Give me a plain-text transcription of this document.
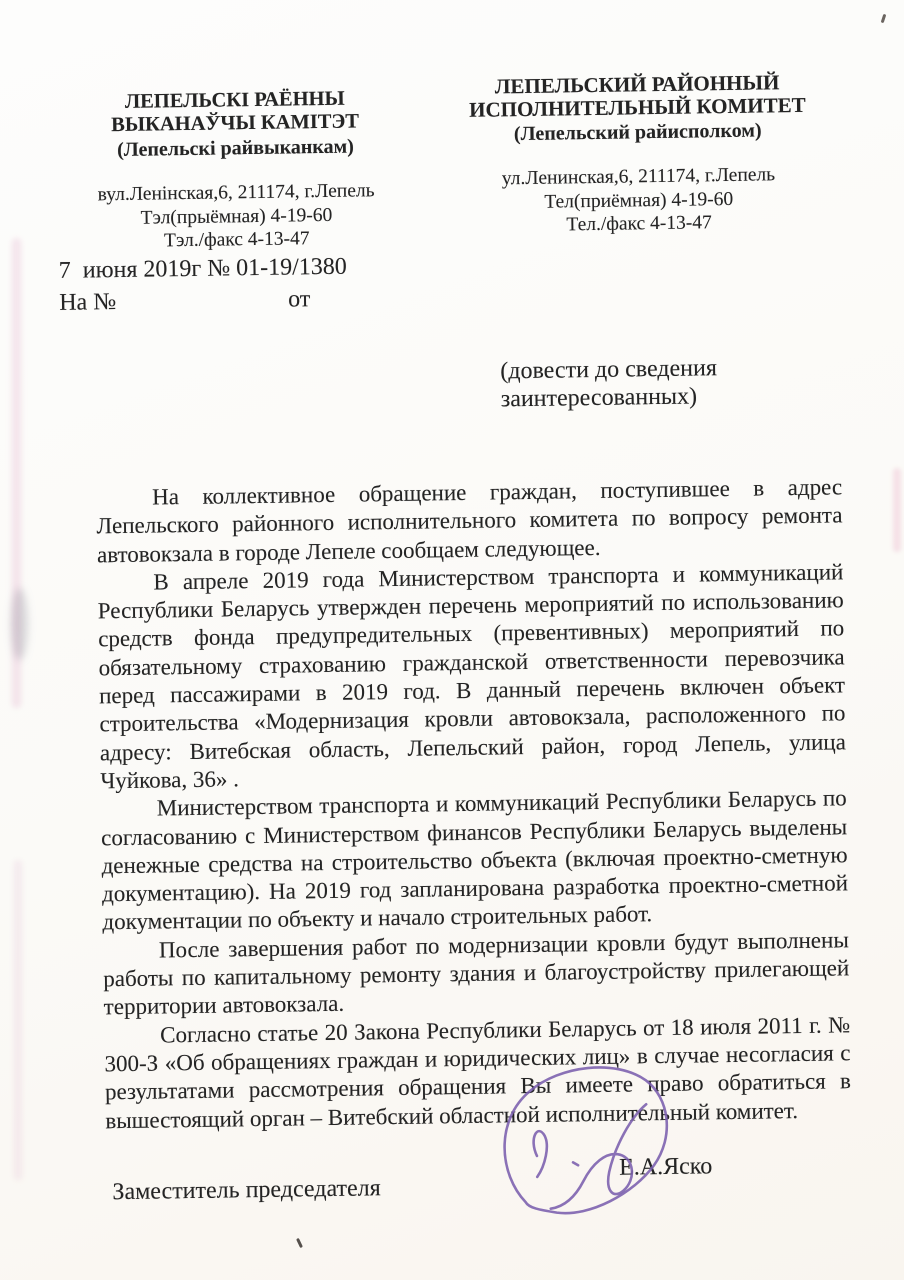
ЛЕПЕЛЬСКІ РАЁННЫ
ВЫКАНАЎЧЫ КАМІТЭТ
(Лепельскі райвыканкам)
вул.Ленінская,6, 211174, г.Лепель
Тэл(прыёмная) 4-19-60
Тэл./факс 4-13-47
ЛЕПЕЛЬСКИЙ РАЙОННЫЙ
ИСПОЛНИТЕЛЬНЫЙ КОМИТЕТ
(Лепельский райисполком)
ул.Ленинская,6, 211174, г.Лепель
Тел(приёмная) 4-19-60
Тел./факс 4-13-47
7  июня 2019г № 01-19/1380
На №	от
(довести до сведения
заинтересованных)

На коллективное обращение граждан, поступившее в адрес Лепельского районного исполнительного комитета по вопросу ремонта автовокзала в городе Лепеле сообщаем следующее.

В апреле 2019 года Министерством транспорта и коммуникаций Республики Беларусь утвержден перечень мероприятий по использованию средств фонда предупредительных (превентивных) мероприятий по обязательному страхованию гражданской ответственности перевозчика перед пассажирами в 2019 год. В данный перечень включен объект строительства «Модернизация кровли автовокзала, расположенного по адресу: Витебская область, Лепельский район, город Лепель, улица Чуйкова, 36» .

Министерством транспорта и коммуникаций Республики Беларусь по согласованию с Министерством финансов Республики Беларусь выделены денежные средства на строительство объекта (включая проектно-сметную документацию). На 2019 год запланирована разработка проектно-сметной документации по объекту и начало строительных работ.

После завершения работ по модернизации кровли будут выполнены работы по капитальному ремонту здания и благоустройству прилегающей территории автовокзала.

Согласно статье 20 Закона Республики Беларусь от 18 июля 2011 г. № 300-З «Об обращениях граждан и юридических лиц» в случае несогласия с результатами рассмотрения обращения Вы имеете право обратиться в вышестоящий орган – Витебский областной исполнительный комитет.

Заместитель председателя
Е.А.Яско
